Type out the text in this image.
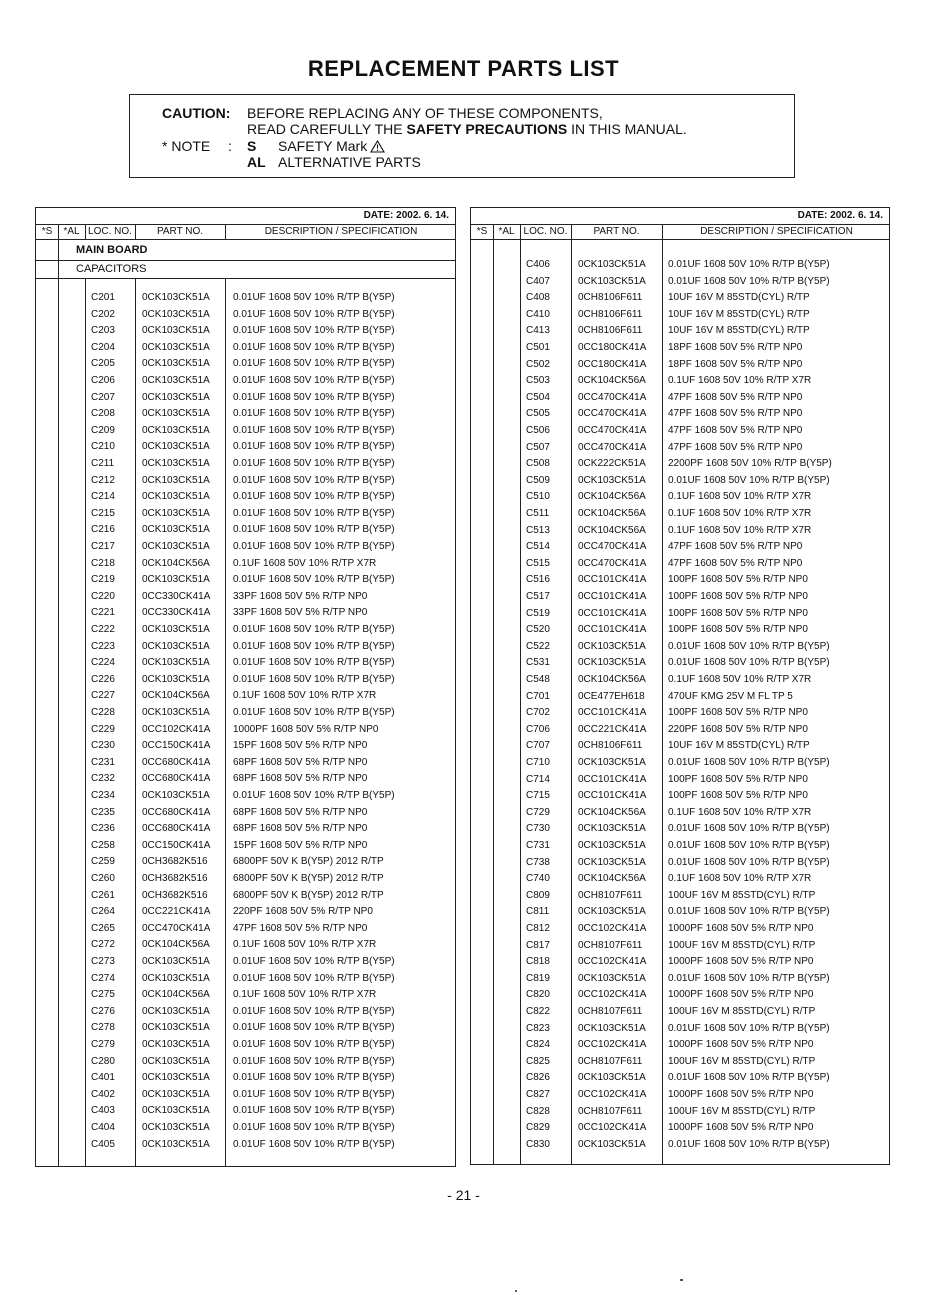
REPLACEMENT PARTS LIST
CAUTION: BEFORE REPLACING ANY OF THESE COMPONENTS,
READ CAREFULLY THE SAFETY PRECAUTIONS IN THIS MANUAL.
* NOTE : S SAFETY Mark
AL ALTERNATIVE PARTS
DATE: 2002. 6. 14.
*S	*AL LOC. NO.	PART NO.	DESCRIPTION / SPECIFICATION
MAIN BOARD
CAPACITORS
C201	0CK103CK51A 0.01UF 1608 50V 10% R/TP B(Y5P)
C202	0CK103CK51A 0.01UF 1608 50V 10% R/TP B(Y5P)
C203	0CK103CK51A 0.01UF 1608 50V 10% R/TP B(Y5P)
C204	0CK103CK51A 0.01UF 1608 50V 10% R/TP B(Y5P)
C205	0CK103CK51A 0.01UF 1608 50V 10% R/TP B(Y5P)
C206	0CK103CK51A 0.01UF 1608 50V 10% R/TP B(Y5P)
C207	0CK103CK51A 0.01UF 1608 50V 10% R/TP B(Y5P)
C208	0CK103CK51A 0.01UF 1608 50V 10% R/TP B(Y5P)
C209	0CK103CK51A 0.01UF 1608 50V 10% R/TP B(Y5P)
C210	0CK103CK51A 0.01UF 1608 50V 10% R/TP B(Y5P)
C211	0CK103CK51A 0.01UF 1608 50V 10% R/TP B(Y5P)
C212	0CK103CK51A 0.01UF 1608 50V 10% R/TP B(Y5P)
C214	0CK103CK51A 0.01UF 1608 50V 10% R/TP B(Y5P)
C215	0CK103CK51A 0.01UF 1608 50V 10% R/TP B(Y5P)
C216	0CK103CK51A 0.01UF 1608 50V 10% R/TP B(Y5P)
C217	0CK103CK51A 0.01UF 1608 50V 10% R/TP B(Y5P)
C218	0CK104CK56A 0.1UF 1608 50V 10% R/TP X7R
C219	0CK103CK51A 0.01UF 1608 50V 10% R/TP B(Y5P)
C220	0CC330CK41A 33PF 1608 50V 5% R/TP NP0
C221	0CC330CK41A 33PF 1608 50V 5% R/TP NP0
C222	0CK103CK51A 0.01UF 1608 50V 10% R/TP B(Y5P)
C223	0CK103CK51A 0.01UF 1608 50V 10% R/TP B(Y5P)
C224	0CK103CK51A 0.01UF 1608 50V 10% R/TP B(Y5P)
C226	0CK103CK51A 0.01UF 1608 50V 10% R/TP B(Y5P)
C227	0CK104CK56A 0.1UF 1608 50V 10% R/TP X7R
C228	0CK103CK51A 0.01UF 1608 50V 10% R/TP B(Y5P)
C229	0CC102CK41A 1000PF 1608 50V 5% R/TP NP0
C230	0CC150CK41A 15PF 1608 50V 5% R/TP NP0
C231	0CC680CK41A 68PF 1608 50V 5% R/TP NP0
C232	0CC680CK41A 68PF 1608 50V 5% R/TP NP0
C234	0CK103CK51A 0.01UF 1608 50V 10% R/TP B(Y5P)
C235	0CC680CK41A 68PF 1608 50V 5% R/TP NP0
C236	0CC680CK41A 68PF 1608 50V 5% R/TP NP0
C258	0CC150CK41A 15PF 1608 50V 5% R/TP NP0
C259	0CH3682K516	6800PF 50V K B(Y5P) 2012 R/TP
C260	0CH3682K516	6800PF 50V K B(Y5P) 2012 R/TP
C261	0CH3682K516	6800PF 50V K B(Y5P) 2012 R/TP
C264	0CC221CK41A 220PF 1608 50V 5% R/TP NP0
C265	0CC470CK41A 47PF 1608 50V 5% R/TP NP0
C272	0CK104CK56A 0.1UF 1608 50V 10% R/TP X7R
C273	0CK103CK51A 0.01UF 1608 50V 10% R/TP B(Y5P)
C274	0CK103CK51A 0.01UF 1608 50V 10% R/TP B(Y5P)
C275	0CK104CK56A 0.1UF 1608 50V 10% R/TP X7R
C276	0CK103CK51A 0.01UF 1608 50V 10% R/TP B(Y5P)
C278	0CK103CK51A 0.01UF 1608 50V 10% R/TP B(Y5P)
C279	0CK103CK51A 0.01UF 1608 50V 10% R/TP B(Y5P)
C280	0CK103CK51A 0.01UF 1608 50V 10% R/TP B(Y5P)
C401	0CK103CK51A 0.01UF 1608 50V 10% R/TP B(Y5P)
C402	0CK103CK51A 0.01UF 1608 50V 10% R/TP B(Y5P)
C403	0CK103CK51A 0.01UF 1608 50V 10% R/TP B(Y5P)
C404	0CK103CK51A 0.01UF 1608 50V 10% R/TP B(Y5P)
C405	0CK103CK51A 0.01UF 1608 50V 10% R/TP B(Y5P)
DATE: 2002. 6. 14.
*S	*AL LOC. NO.	PART NO.	DESCRIPTION / SPECIFICATION
C406	0CK103CK51A 0.01UF 1608 50V 10% R/TP B(Y5P)
C407	0CK103CK51A 0.01UF 1608 50V 10% R/TP B(Y5P)
C408	0CH8106F611	10UF 16V M 85STD(CYL) R/TP
C410	0CH8106F611	10UF 16V M 85STD(CYL) R/TP
C413	0CH8106F611	10UF 16V M 85STD(CYL) R/TP
C501	0CC180CK41A 18PF 1608 50V 5% R/TP NP0
C502	0CC180CK41A 18PF 1608 50V 5% R/TP NP0
C503	0CK104CK56A 0.1UF 1608 50V 10% R/TP X7R
C504	0CC470CK41A 47PF 1608 50V 5% R/TP NP0
C505	0CC470CK41A 47PF 1608 50V 5% R/TP NP0
C506	0CC470CK41A 47PF 1608 50V 5% R/TP NP0
C507	0CC470CK41A 47PF 1608 50V 5% R/TP NP0
C508	0CK222CK51A 2200PF 1608 50V 10% R/TP B(Y5P)
C509	0CK103CK51A 0.01UF 1608 50V 10% R/TP B(Y5P)
C510	0CK104CK56A 0.1UF 1608 50V 10% R/TP X7R
C511	0CK104CK56A 0.1UF 1608 50V 10% R/TP X7R
C513	0CK104CK56A 0.1UF 1608 50V 10% R/TP X7R
C514	0CC470CK41A 47PF 1608 50V 5% R/TP NP0
C515	0CC470CK41A 47PF 1608 50V 5% R/TP NP0
C516	0CC101CK41A 100PF 1608 50V 5% R/TP NP0
C517	0CC101CK41A 100PF 1608 50V 5% R/TP NP0
C519	0CC101CK41A 100PF 1608 50V 5% R/TP NP0
C520	0CC101CK41A 100PF 1608 50V 5% R/TP NP0
C522	0CK103CK51A 0.01UF 1608 50V 10% R/TP B(Y5P)
C531	0CK103CK51A 0.01UF 1608 50V 10% R/TP B(Y5P)
C548	0CK104CK56A 0.1UF 1608 50V 10% R/TP X7R
C701	0CE477EH618 470UF KMG 25V M FL TP 5
C702	0CC101CK41A 100PF 1608 50V 5% R/TP NP0
C706	0CC221CK41A 220PF 1608 50V 5% R/TP NP0
C707	0CH8106F611	10UF 16V M 85STD(CYL) R/TP
C710	0CK103CK51A 0.01UF 1608 50V 10% R/TP B(Y5P)
C714	0CC101CK41A 100PF 1608 50V 5% R/TP NP0
C715	0CC101CK41A 100PF 1608 50V 5% R/TP NP0
C729	0CK104CK56A 0.1UF 1608 50V 10% R/TP X7R
C730	0CK103CK51A 0.01UF 1608 50V 10% R/TP B(Y5P)
C731	0CK103CK51A 0.01UF 1608 50V 10% R/TP B(Y5P)
C738	0CK103CK51A 0.01UF 1608 50V 10% R/TP B(Y5P)
C740	0CK104CK56A 0.1UF 1608 50V 10% R/TP X7R
C809	0CH8107F611	100UF 16V M 85STD(CYL) R/TP
C811	0CK103CK51A 0.01UF 1608 50V 10% R/TP B(Y5P)
C812	0CC102CK41A 1000PF 1608 50V 5% R/TP NP0
C817	0CH8107F611	100UF 16V M 85STD(CYL) R/TP
C818	0CC102CK41A 1000PF 1608 50V 5% R/TP NP0
C819	0CK103CK51A 0.01UF 1608 50V 10% R/TP B(Y5P)
C820	0CC102CK41A 1000PF 1608 50V 5% R/TP NP0
C822	0CH8107F611	100UF 16V M 85STD(CYL) R/TP
C823	0CK103CK51A 0.01UF 1608 50V 10% R/TP B(Y5P)
C824	0CC102CK41A 1000PF 1608 50V 5% R/TP NP0
C825	0CH8107F611	100UF 16V M 85STD(CYL) R/TP
C826	0CK103CK51A 0.01UF 1608 50V 10% R/TP B(Y5P)
C827	0CC102CK41A 1000PF 1608 50V 5% R/TP NP0
C828	0CH8107F611	100UF 16V M 85STD(CYL) R/TP
C829	0CC102CK41A 1000PF 1608 50V 5% R/TP NP0
C830	0CK103CK51A 0.01UF 1608 50V 10% R/TP B(Y5P)
- 21 -
